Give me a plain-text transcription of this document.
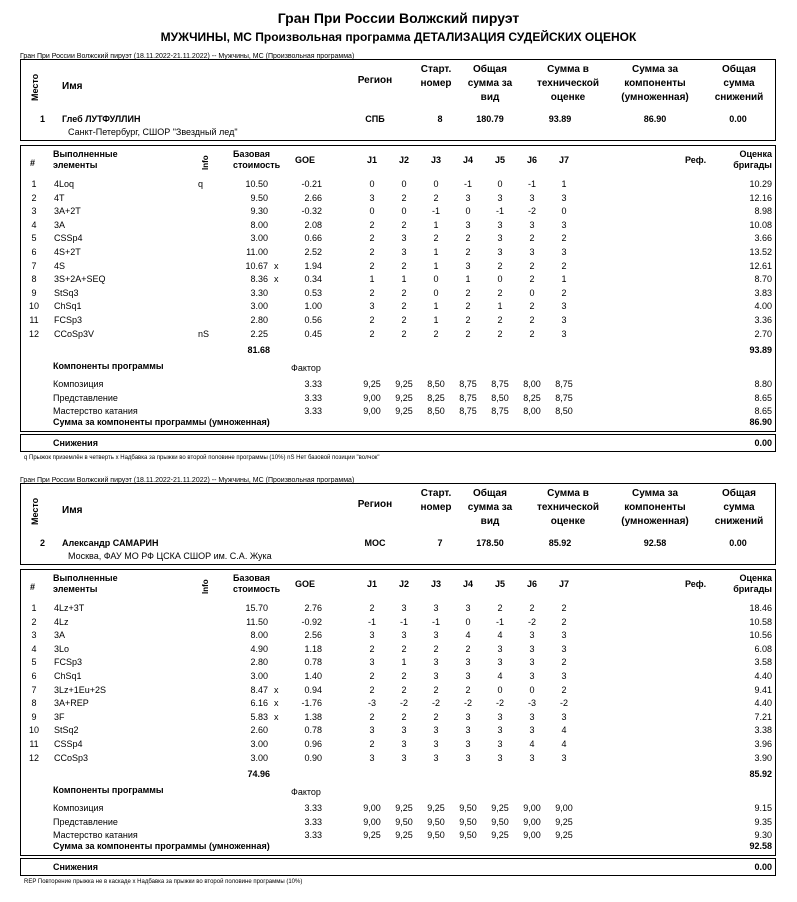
Гран При России Волжский пируэт
МУЖЧИНЫ, МС Произвольная программа ДЕТАЛИЗАЦИЯ СУДЕЙСКИХ ОЦЕНОК
Гран При России Волжский пируэт (18.11.2022-21.11.2022) -- Мужчины, МС (Произвольная программа)
Место Имя
Регион
Старт. номер
Общая сумма за вид
Сумма в технической оценке
Сумма за компоненты (умноженная)
Общая сумма снижений
1 Глеб ЛУТФУЛЛИН
Санкт-Петербург, СШОР "Звездный лед"
СПБ	8	180.79	93.89	86.90	0.00
#
Выполненные элементы	Info
Базовая стоимость	GOE	J1	J2	J3	J4	J5	J6	J7	Реф.
Оценка бригады
1	4Loq	q	10.50	-0.21	0	0	0	-1	0	-1	1	10.29
2	4T	9.50	2.66	3	2	2	3	3	3	3	12.16
3	3A+2T	9.30	-0.32	0	0	-1	0	-1	-2	0	8.98
4	3A	8.00	2.08	2	2	1	3	3	3	3	10.08
5	CSSp4	3.00	0.66	2	3	2	2	3	2	2	3.66
6	4S+2T	11.00	2.52	2	3	1	2	3	3	3	13.52
7	4S	10.67 x	1.94	2	2	1	3	2	2	2	12.61
8	3S+2A+SEQ	8.36 x	0.34	1	1	0	1	0	2	1	8.70
9	StSq3	3.30	0.53	2	2	0	2	2	0	2	3.83
10	ChSq1	3.00	1.00	3	2	1	2	1	2	3	4.00
11	FCSp3	2.80	0.56	2	2	1	2	2	2	3	3.36
12	CCoSp3V	nS	2.25	0.45	2	2	2	2	2	2	3	2.70
81.68	93.89
Компоненты программы	Фактор
Композиция	3.33	9,25	9,25	8,50	8,75	8,75	8,00	8,75	8.80
Представление	3.33	9,00	9,25	8,25	8,75	8,50	8,25	8,75	8.65
Мастерство катания	3.33	9,00	9,25	8,50	8,75	8,75	8,00	8,50	8.65
Сумма за компоненты программы (умноженная)	86.90
Снижения	0.00
q Прыжок приземлён в четверть x Надбавка за прыжки во второй половине программы (10%) nS Нет базовой позиции "волчок"
Гран При России Волжский пируэт (18.11.2022-21.11.2022) -- Мужчины, МС (Произвольная программа)
Место Имя
Регион
Старт. номер
Общая сумма за вид
Сумма в технической оценке
Сумма за компоненты (умноженная)
Общая сумма снижений
2 Александр САМАРИН
Москва, ФАУ МО РФ ЦСКА СШОР им. С.А. Жука
МОС	7	178.50	85.92	92.58	0.00
#
Выполненные элементы	Info
Базовая стоимость	GOE	J1	J2	J3	J4	J5	J6	J7	Реф.
Оценка бригады
1	4Lz+3T	15.70	2.76	2	3	3	3	2	2	2	18.46
2	4Lz	11.50	-0.92	-1	-1	-1	0	-1	-2	2	10.58
3	3A	8.00	2.56	3	3	3	4	4	3	3	10.56
4	3Lo	4.90	1.18	2	2	2	2	3	3	3	6.08
5	FCSp3	2.80	0.78	3	1	3	3	3	3	2	3.58
6	ChSq1	3.00	1.40	2	2	3	3	4	3	3	4.40
7	3Lz+1Eu+2S	8.47 x	0.94	2	2	2	2	0	0	2	9.41
8	3A+REP	6.16 x	-1.76	-3	-2	-2	-2	-2	-3	-2	4.40
9	3F	5.83 x	1.38	2	2	2	3	3	3	3	7.21
10	StSq2	2.60	0.78	3	3	3	3	3	3	4	3.38
11	CSSp4	3.00	0.96	2	3	3	3	3	4	4	3.96
12	CCoSp3	3.00	0.90	3	3	3	3	3	3	3	3.90
74.96	85.92
Компоненты программы	Фактор
Композиция	3.33	9,00	9,25	9,25	9,50	9,25	9,00	9,00	9.15
Представление	3.33	9,00	9,50	9,50	9,50	9,50	9,00	9,25	9.35
Мастерство катания	3.33	9,25	9,25	9,50	9,50	9,25	9,00	9,25	9.30
Сумма за компоненты программы (умноженная)	92.58
Снижения	0.00
REP Повторение прыжка не в каскаде x Надбавка за прыжки во второй половине программы (10%)
